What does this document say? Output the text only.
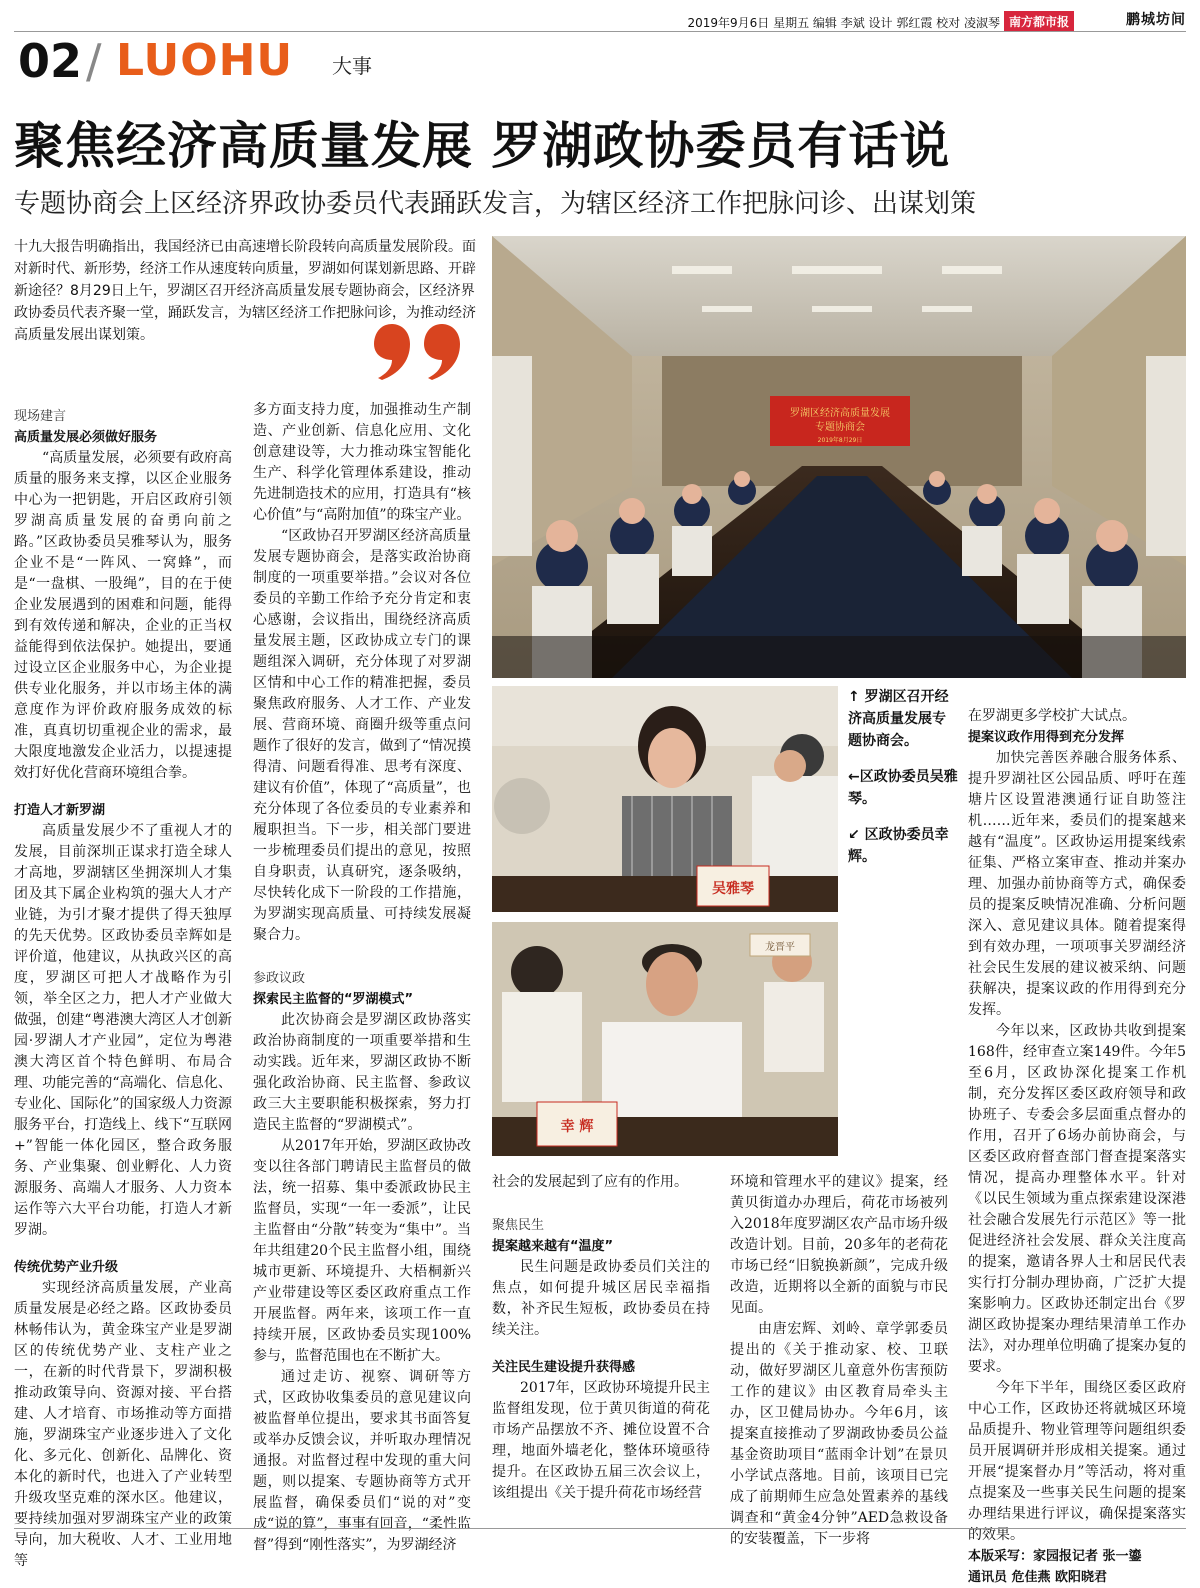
2019年9月6日 星期五 编辑 李斌 设计 郭红霞 校对 凌淑琴 南方都市报	鹏城坊间
02 / LUOHU 大事
聚焦经济高质量发展 罗湖政协委员有话说
专题协商会上区经济界政协委员代表踊跃发言，为辖区经济工作把脉问诊、出谋划策
十九大报告明确指出，我国经济已由高速增长阶段转向高质量发展阶段。面对新时代、新形势，经济工作从速度转向质量，罗湖如何谋划新思路、开辟新途径？8月29日上午，罗湖区召开经济高质量发展专题协商会，区经济界政协委员代表齐聚一堂，踊跃发言，为辖区经济工作把脉问诊，为推动经济高质量发展出谋划策。
罗湖区经济高质量发展
专题协商会
2019年8月29日
吴雅琴
龙晋平
幸 辉
↑ 罗湖区召开经济高质量发展专题协商会。
←区政协委员吴雅琴。
↙ 区政协委员幸辉。
现场建言
高质量发展必须做好服务

“高质量发展，必须要有政府高质量的服务来支撑，以区企业服务中心为一把钥匙，开启区政府引领罗湖高质量发展的奋勇向前之路。”区政协委员吴雅琴认为，服务企业不是“一阵风、一窝蜂”，而是“一盘棋、一股绳”，目的在于使企业发展遇到的困难和问题，能得到有效传递和解决，企业的正当权益能得到依法保护。她提出，要通过设立区企业服务中心，为企业提供专业化服务，并以市场主体的满意度作为评价政府服务成效的标准，真真切切重视企业的需求，最大限度地激发企业活力，以提速提效打好优化营商环境组合拳。

打造人才新罗湖

高质量发展少不了重视人才的发展，目前深圳正谋求打造全球人才高地，罗湖辖区坐拥深圳人才集团及其下属企业构筑的强大人才产业链，为引才聚才提供了得天独厚的先天优势。区政协委员幸辉如是评价道，他建议，从执政兴区的高度，罗湖区可把人才战略作为引领，举全区之力，把人才产业做大做强，创建“粤港澳大湾区人才创新园·罗湖人才产业园”，定位为粤港澳大湾区首个特色鲜明、布局合理、功能完善的“高端化、信息化、专业化、国际化”的国家级人力资源服务平台，打造线上、线下“互联网+”智能一体化园区，整合政务服务、产业集聚、创业孵化、人力资源服务、高端人才服务、人力资本运作等六大平台功能，打造人才新罗湖。

传统优势产业升级

实现经济高质量发展，产业高质量发展是必经之路。区政协委员林畅伟认为，黄金珠宝产业是罗湖区的传统优势产业、支柱产业之一，在新的时代背景下，罗湖积极推动政策导向、资源对接、平台搭建、人才培育、市场推动等方面措施，罗湖珠宝产业逐步进入了文化化、多元化、创新化、品牌化、资本化的新时代，也进入了产业转型升级攻坚克难的深水区。他建议，要持续加强对罗湖珠宝产业的政策导向，加大税收、人才、工业用地等

多方面支持力度，加强推动生产制造、产业创新、信息化应用、文化创意建设等，大力推动珠宝智能化生产、科学化管理体系建设，推动先进制造技术的应用，打造具有“核心价值”与“高附加值”的珠宝产业。

“区政协召开罗湖区经济高质量发展专题协商会，是落实政治协商制度的一项重要举措。”会议对各位委员的辛勤工作给予充分肯定和衷心感谢，会议指出，围绕经济高质量发展主题，区政协成立专门的课题组深入调研，充分体现了对罗湖区情和中心工作的精准把握，委员聚焦政府服务、人才工作、产业发展、营商环境、商圈升级等重点问题作了很好的发言，做到了“情况摸得清、问题看得准、思考有深度、建议有价值”，体现了“高质量”，也充分体现了各位委员的专业素养和履职担当。下一步，相关部门要进一步梳理委员们提出的意见，按照自身职责，认真研究，逐条吸纳，尽快转化成下一阶段的工作措施，为罗湖实现高质量、可持续发展凝聚合力。

参政议政
探索民主监督的“罗湖模式”

此次协商会是罗湖区政协落实政治协商制度的一项重要举措和生动实践。近年来，罗湖区政协不断强化政治协商、民主监督、参政议政三大主要职能积极探索，努力打造民主监督的“罗湖模式”。

从2017年开始，罗湖区政协改变以往各部门聘请民主监督员的做法，统一招募、集中委派政协民主监督员，实现“一年一委派”，让民主监督由“分散”转变为“集中”。当年共组建20个民主监督小组，围绕城市更新、环境提升、大梧桐新兴产业带建设等区委区政府重点工作开展监督。两年来，该项工作一直持续开展，区政协委员实现100%参与，监督范围也在不断扩大。

通过走访、视察、调研等方式，区政协收集委员的意见建议向被监督单位提出，要求其书面答复或举办反馈会议，并听取办理情况通报。对监督过程中发现的重大问题，则以提案、专题协商等方式开展监督，确保委员们“说的对”变成“说的算”，事事有回音，“柔性监督”得到“刚性落实”，为罗湖经济

社会的发展起到了应有的作用。

聚焦民生
提案越来越有“温度”

民生问题是政协委员们关注的焦点，如何提升城区居民幸福指数，补齐民生短板，政协委员在持续关注。

关注民生建设提升获得感

2017年，区政协环境提升民主监督组发现，位于黄贝街道的荷花市场产品摆放不齐、摊位设置不合理，地面外墙老化，整体环境亟待提升。在区政协五届三次会议上，该组提出《关于提升荷花市场经营

环境和管理水平的建议》提案，经黄贝街道办办理后，荷花市场被列入2018年度罗湖区农产品市场升级改造计划。目前，20多年的老荷花市场已经“旧貌换新颜”，完成升级改造，近期将以全新的面貌与市民见面。

由唐宏辉、刘岭、章学郭委员提出的《关于推动家、校、卫联动，做好罗湖区儿童意外伤害预防工作的建议》由区教育局牵头主办，区卫健局协办。今年6月，该提案直接推动了罗湖政协委员公益基金资助项目“蓝雨伞计划”在景贝小学试点落地。目前，该项目已完成了前期师生应急处置素养的基线调查和“黄金4分钟”AED急救设备的安装覆盖，下一步将

在罗湖更多学校扩大试点。

提案议政作用得到充分发挥

加快完善医养融合服务体系、提升罗湖社区公园品质、呼吁在莲塘片区设置港澳通行证自助签注机……近年来，委员们的提案越来越有“温度”。区政协运用提案线索征集、严格立案审查、推动并案办理、加强办前协商等方式，确保委员的提案反映情况准确、分析问题深入、意见建议具体。随着提案得到有效办理，一项项事关罗湖经济社会民生发展的建议被采纳、问题获解决，提案议政的作用得到充分发挥。

今年以来，区政协共收到提案168件，经审查立案149件。今年5至6月，区政协深化提案工作机制，充分发挥区委区政府领导和政协班子、专委会多层面重点督办的作用，召开了6场办前协商会，与区委区政府督查部门督查提案落实情况，提高办理整体水平。针对《以民生领域为重点探索建设深港社会融合发展先行示范区》等一批促进经济社会发展、群众关注度高的提案，邀请各界人士和居民代表实行打分制办理协商，广泛扩大提案影响力。区政协还制定出台《罗湖区政协提案办理结果清单工作办法》，对办理单位明确了提案办复的要求。

今年下半年，围绕区委区政府中心工作，区政协还将就城区环境品质提升、物业管理等问题组织委员开展调研并形成相关提案。通过开展“提案督办月”等活动，将对重点提案及一些事关民生问题的提案办理结果进行评议，确保提案落实的效果。

本版采写：家园报记者 张一鎏

通讯员 危佳燕 欧阳晓君
